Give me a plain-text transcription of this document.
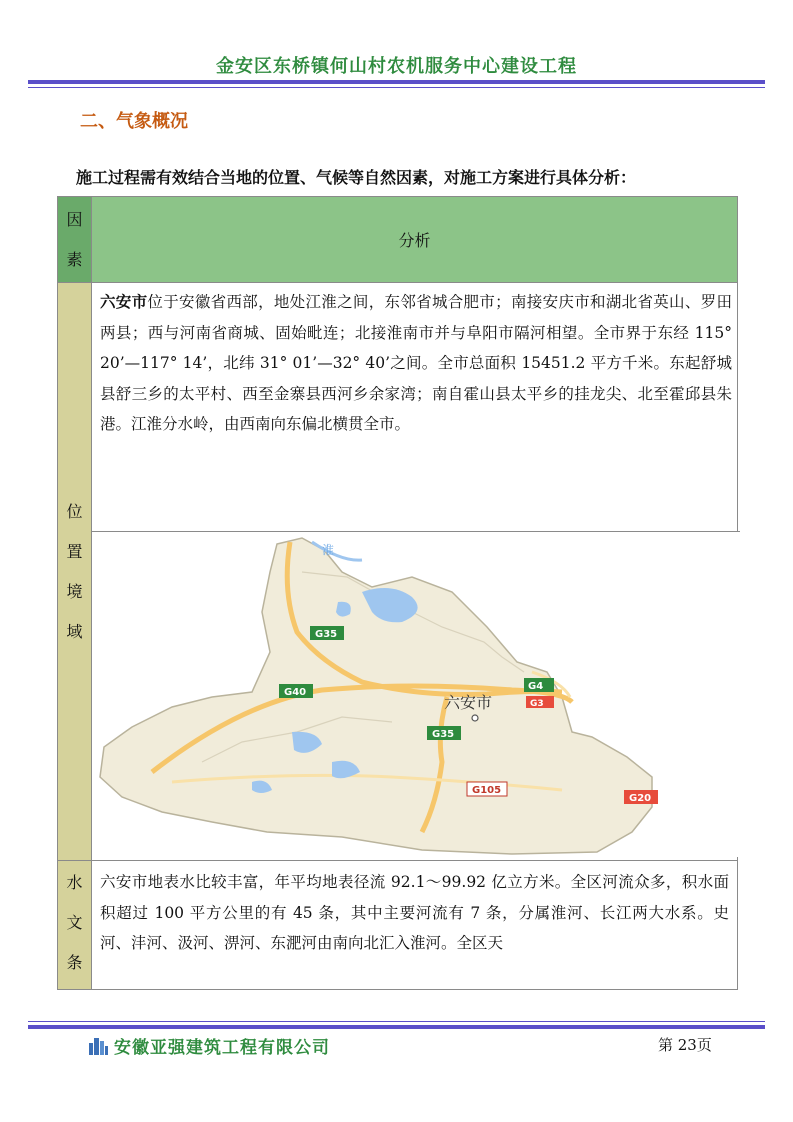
金安区东桥镇何山村农机服务中心建设工程
二、气象概况
施工过程需有效结合当地的位置、气候等自然因素，对施工方案进行具体分析：
因
素
分析
位
置
境
域
六安市位于安徽省西部，地处江淮之间，东邻省城合肥市；南接安庆市和湖北省英山、罗田两县；西与河南省商城、固始毗连；北接淮南市并与阜阳市隔河相望。全市界于东经 115° 20’—117° 14’，北纬 31° 01’—32° 40’之间。全市总面积 15451.2 平方千米。东起舒城县舒三乡的太平村、西至金寨县西河乡余家湾；南自霍山县太平乡的挂龙尖、北至霍邱县朱港。江淮分水岭，由西南向东偏北横贯全市。
淮
G35
G40
G35
G105
G20
G4
G3
六安市
水
文
条
六安市地表水比较丰富，年平均地表径流 92.1～99.92 亿立方米。全区河流众多，积水面积超过 100 平方公里的有 45 条，其中主要河流有 7 条，分属淮河、长江两大水系。史河、沣河、汲河、淠河、东淝河由南向北汇入淮河。全区天
安徽亚强建筑工程有限公司	第 23页
